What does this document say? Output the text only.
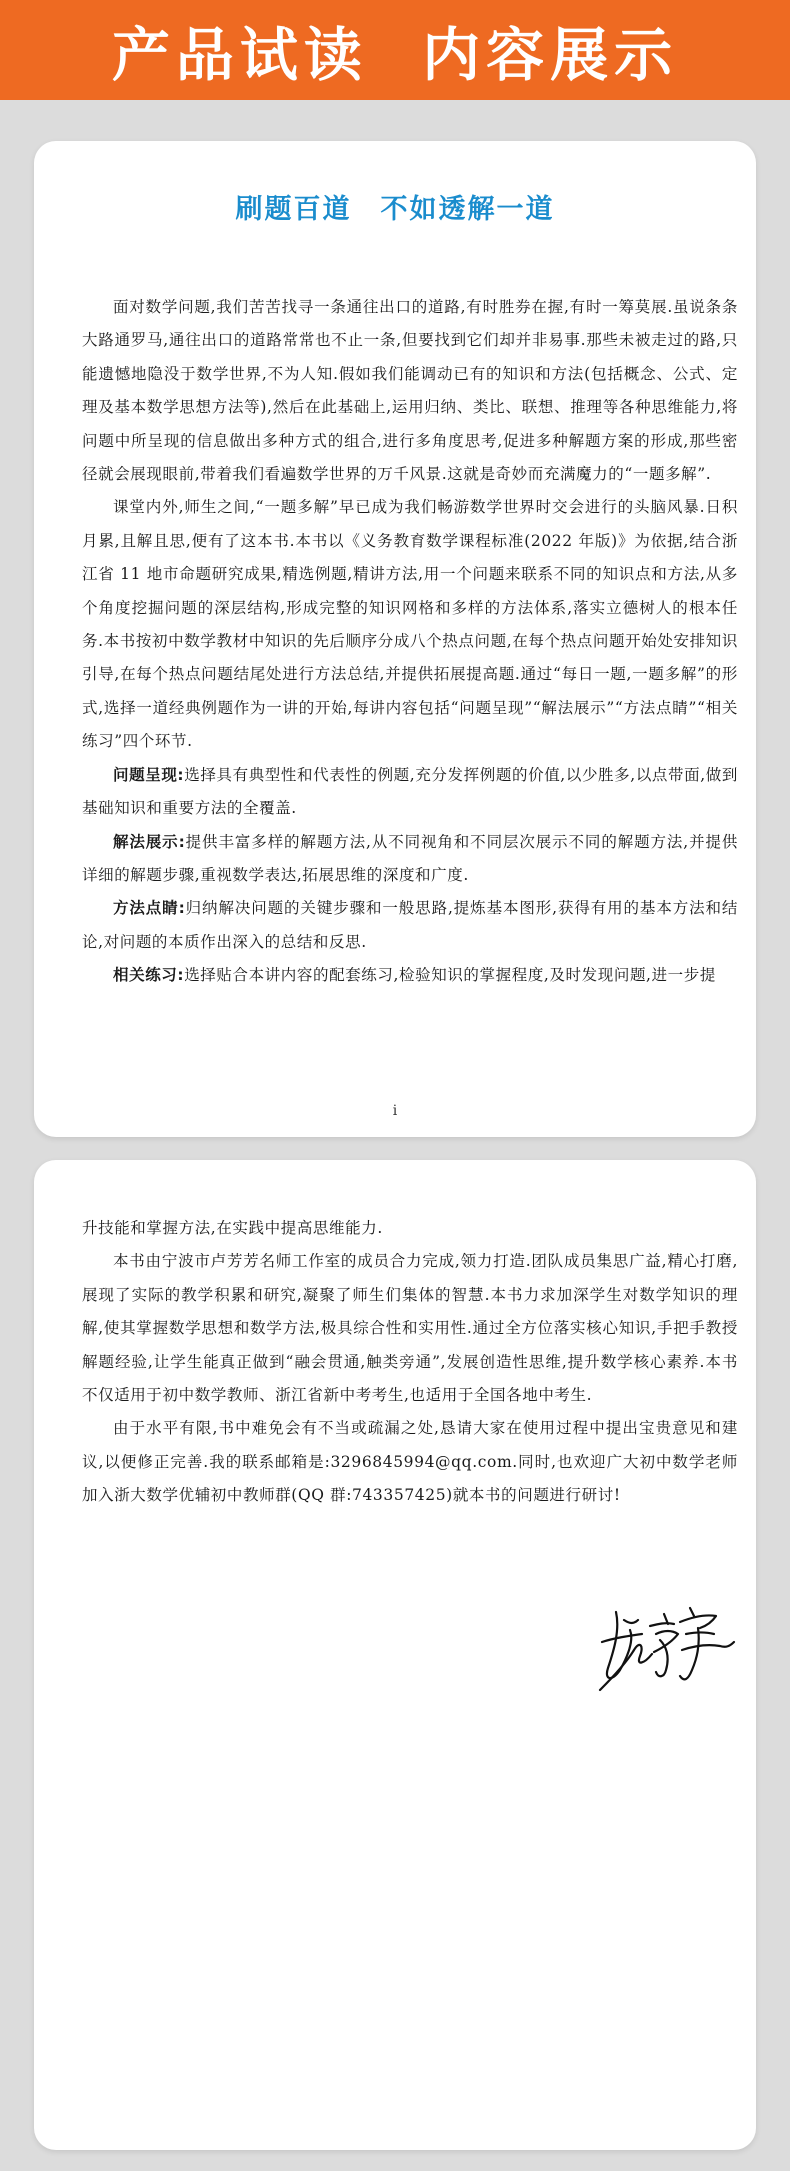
产品试读 内容展示
刷题百道　不如透解一道

面对数学问题,我们苦苦找寻一条通往出口的道路,有时胜券在握,有时一筹莫展.虽说条条大路通罗马,通往出口的道路常常也不止一条,但要找到它们却并非易事.那些未被走过的路,只能遗憾地隐没于数学世界,不为人知.假如我们能调动已有的知识和方法(包括概念、公式、定理及基本数学思想方法等),然后在此基础上,运用归纳、类比、联想、推理等各种思维能力,将问题中所呈现的信息做出多种方式的组合,进行多角度思考,促进多种解题方案的形成,那些密径就会展现眼前,带着我们看遍数学世界的万千风景.这就是奇妙而充满魔力的“一题多解”.

课堂内外,师生之间,“一题多解”早已成为我们畅游数学世界时交会进行的头脑风暴.日积月累,且解且思,便有了这本书.本书以《义务教育数学课程标准(2022 年版)》为依据,结合浙江省 11 地市命题研究成果,精选例题,精讲方法,用一个问题来联系不同的知识点和方法,从多个角度挖掘问题的深层结构,形成完整的知识网格和多样的方法体系,落实立德树人的根本任务.本书按初中数学教材中知识的先后顺序分成八个热点问题,在每个热点问题开始处安排知识引导,在每个热点问题结尾处进行方法总结,并提供拓展提高题.通过“每日一题,一题多解”的形式,选择一道经典例题作为一讲的开始,每讲内容包括“问题呈现”“解法展示”“方法点睛”“相关练习”四个环节.

问题呈现:选择具有典型性和代表性的例题,充分发挥例题的价值,以少胜多,以点带面,做到基础知识和重要方法的全覆盖.

解法展示:提供丰富多样的解题方法,从不同视角和不同层次展示不同的解题方法,并提供详细的解题步骤,重视数学表达,拓展思维的深度和广度.

方法点睛:归纳解决问题的关键步骤和一般思路,提炼基本图形,获得有用的基本方法和结论,对问题的本质作出深入的总结和反思.

相关练习:选择贴合本讲内容的配套练习,检验知识的掌握程度,及时发现问题,进一步提

i

升技能和掌握方法,在实践中提高思维能力.

本书由宁波市卢芳芳名师工作室的成员合力完成,领力打造.团队成员集思广益,精心打磨,展现了实际的教学积累和研究,凝聚了师生们集体的智慧.本书力求加深学生对数学知识的理解,使其掌握数学思想和数学方法,极具综合性和实用性.通过全方位落实核心知识,手把手教授解题经验,让学生能真正做到“融会贯通,触类旁通”,发展创造性思维,提升数学核心素养.本书不仅适用于初中数学教师、浙江省新中考考生,也适用于全国各地中考生.

由于水平有限,书中难免会有不当或疏漏之处,恳请大家在使用过程中提出宝贵意见和建议,以便修正完善.我的联系邮箱是:3296845994@qq.com.同时,也欢迎广大初中数学老师加入浙大数学优辅初中教师群(QQ 群:743357425)就本书的问题进行研讨!
